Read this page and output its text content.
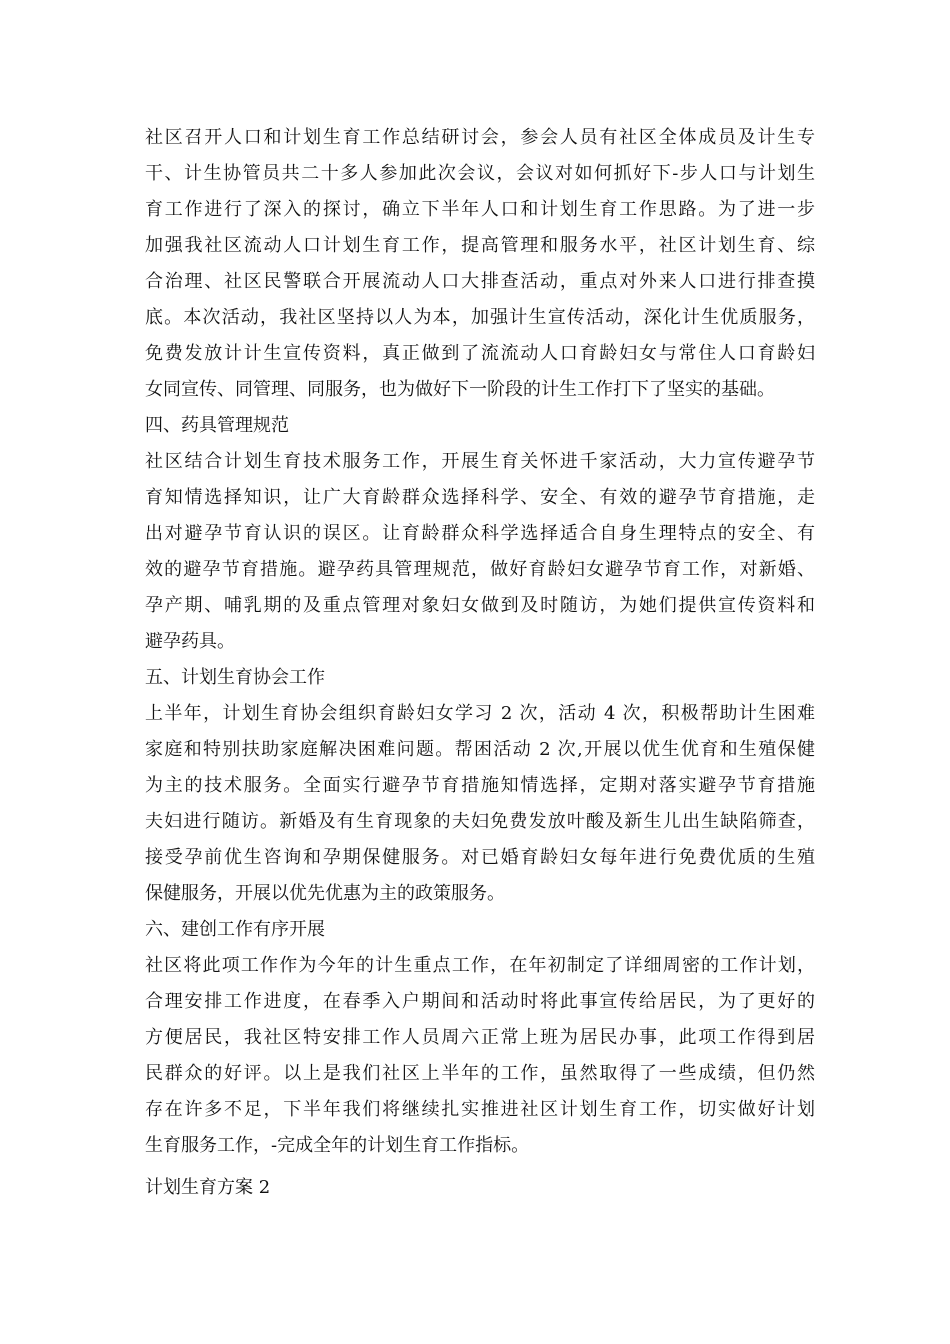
社区召开人口和计划生育工作总结研讨会，参会人员有社区全体成员及计生专
干、计生协管员共二十多人参加此次会议，会议对如何抓好下-步人口与计划生
育工作进行了深入的探讨，确立下半年人口和计划生育工作思路。为了进一步
加强我社区流动人口计划生育工作，提高管理和服务水平，社区计划生育、综
合治理、社区民警联合开展流动人口大排查活动，重点对外来人口进行排查摸
底。本次活动，我社区坚持以人为本，加强计生宣传活动，深化计生优质服务，
免费发放计计生宣传资料，真正做到了流流动人口育龄妇女与常住人口育龄妇
女同宣传、同管理、同服务，也为做好下一阶段的计生工作打下了坚实的基础。
四、药具管理规范
社区结合计划生育技术服务工作，开展生育关怀进千家活动，大力宣传避孕节
育知情选择知识，让广大育龄群众选择科学、安全、有效的避孕节育措施，走
出对避孕节育认识的误区。让育龄群众科学选择适合自身生理特点的安全、有
效的避孕节育措施。避孕药具管理规范，做好育龄妇女避孕节育工作，对新婚、
孕产期、哺乳期的及重点管理对象妇女做到及时随访，为她们提供宣传资料和
避孕药具。
五、计划生育协会工作
上半年，计划生育协会组织育龄妇女学习 2 次，活动 4 次，积极帮助计生困难
家庭和特别扶助家庭解决困难问题。帮困活动 2 次,开展以优生优育和生殖保健
为主的技术服务。全面实行避孕节育措施知情选择，定期对落实避孕节育措施
夫妇进行随访。新婚及有生育现象的夫妇免费发放叶酸及新生儿出生缺陷筛查，
接受孕前优生咨询和孕期保健服务。对已婚育龄妇女每年进行免费优质的生殖
保健服务，开展以优先优惠为主的政策服务。
六、建创工作有序开展
社区将此项工作作为今年的计生重点工作，在年初制定了详细周密的工作计划，
合理安排工作进度，在春季入户期间和活动时将此事宣传给居民，为了更好的
方便居民，我社区特安排工作人员周六正常上班为居民办事，此项工作得到居
民群众的好评。以上是我们社区上半年的工作，虽然取得了一些成绩，但仍然
存在许多不足，下半年我们将继续扎实推进社区计划生育工作，切实做好计划
生育服务工作，-完成全年的计划生育工作指标。
计划生育方案 2
